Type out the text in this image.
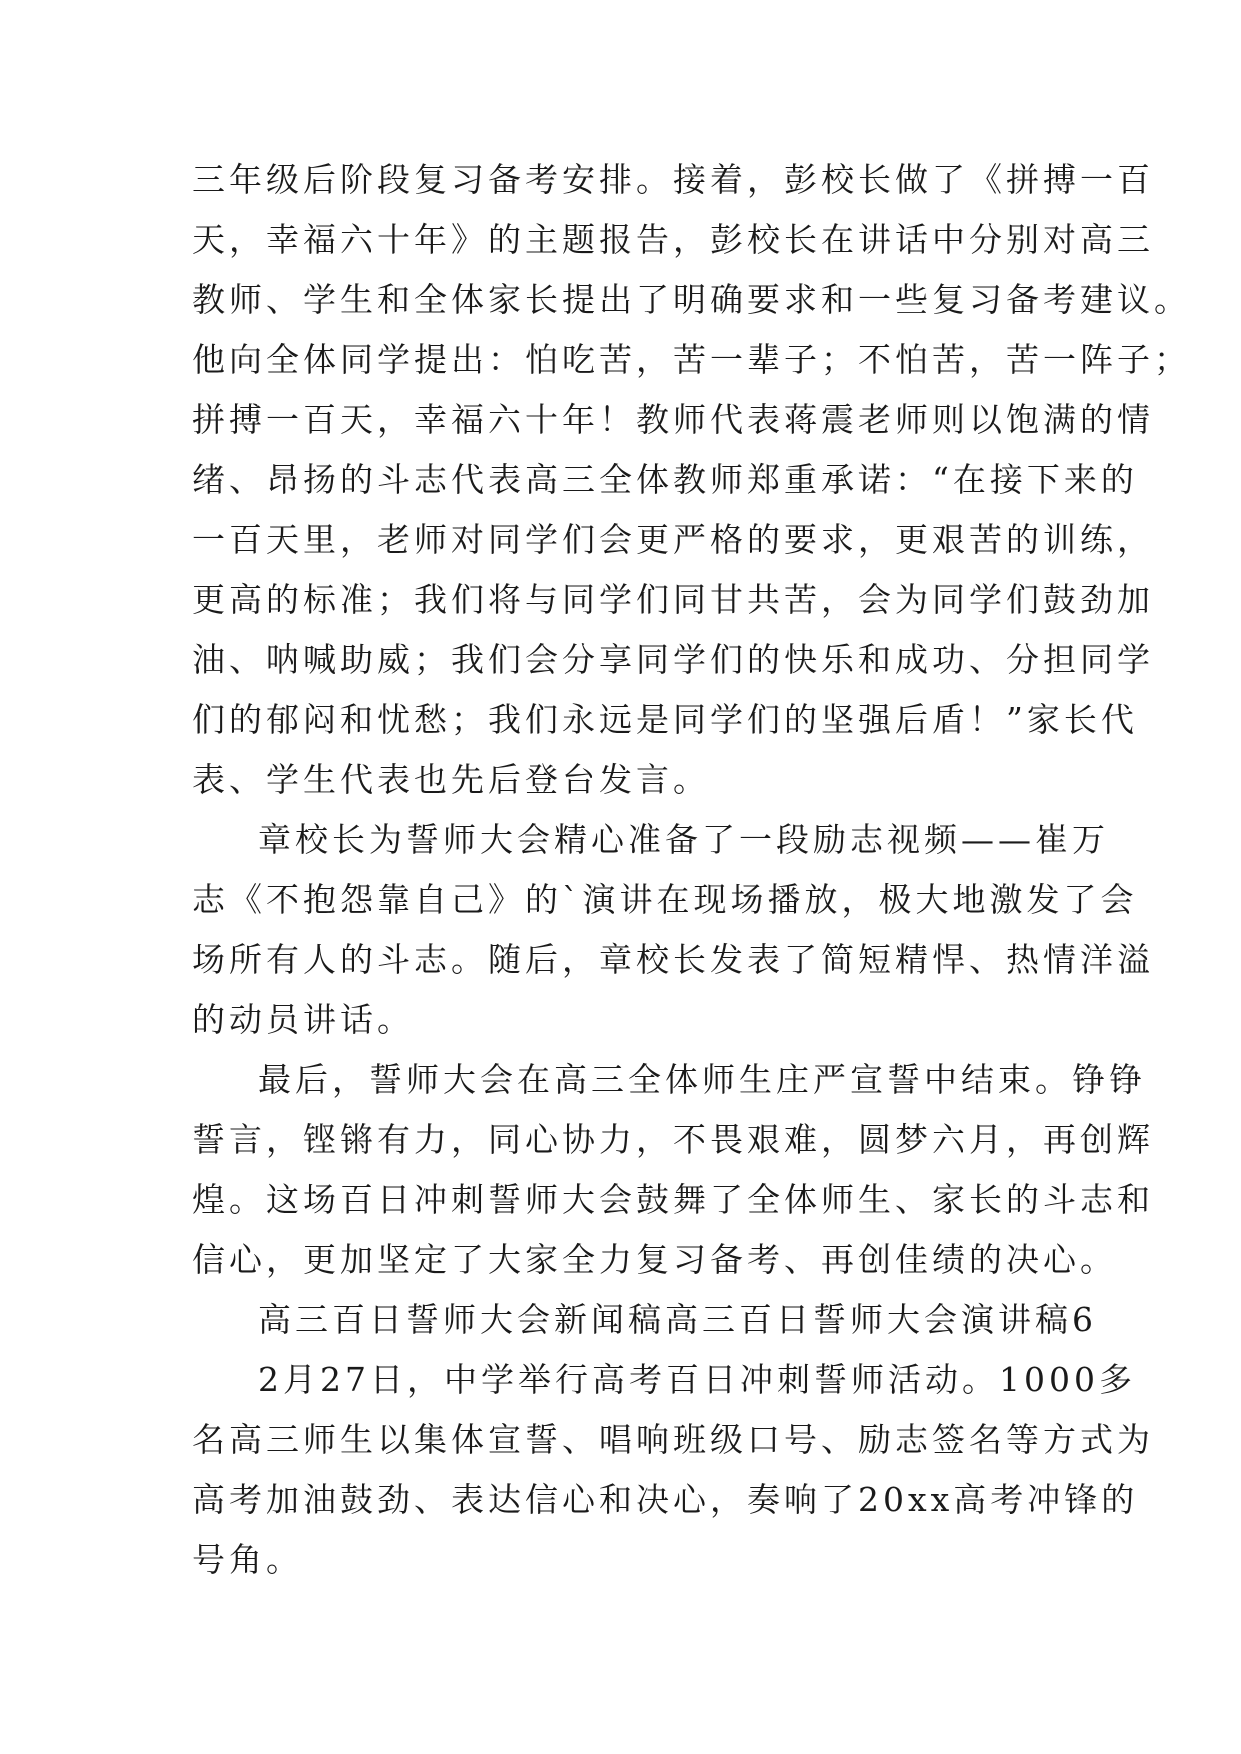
三年级后阶段复习备考安排。接着，彭校长做了《拼搏一百
天，幸福六十年》的主题报告，彭校长在讲话中分别对高三
教师、学生和全体家长提出了明确要求和一些复习备考建议。
他向全体同学提出：怕吃苦，苦一辈子；不怕苦，苦一阵子；
拼搏一百天，幸福六十年！教师代表蒋震老师则以饱满的情
绪、昂扬的斗志代表高三全体教师郑重承诺：“在接下来的
一百天里，老师对同学们会更严格的要求，更艰苦的训练，
更高的标准；我们将与同学们同甘共苦，会为同学们鼓劲加
油、呐喊助威；我们会分享同学们的快乐和成功、分担同学
们的郁闷和忧愁；我们永远是同学们的坚强后盾！”家长代
表、学生代表也先后登台发言。
章校长为誓师大会精心准备了一段励志视频——崔万
志《不抱怨靠自己》的`演讲在现场播放，极大地激发了会
场所有人的斗志。随后，章校长发表了简短精悍、热情洋溢
的动员讲话。
最后，誓师大会在高三全体师生庄严宣誓中结束。铮铮
誓言，铿锵有力，同心协力，不畏艰难，圆梦六月，再创辉
煌。这场百日冲刺誓师大会鼓舞了全体师生、家长的斗志和
信心，更加坚定了大家全力复习备考、再创佳绩的决心。
高三百日誓师大会新闻稿高三百日誓师大会演讲稿6
2月27日，中学举行高考百日冲刺誓师活动。1000多
名高三师生以集体宣誓、唱响班级口号、励志签名等方式为
高考加油鼓劲、表达信心和决心，奏响了20xx高考冲锋的
号角。
